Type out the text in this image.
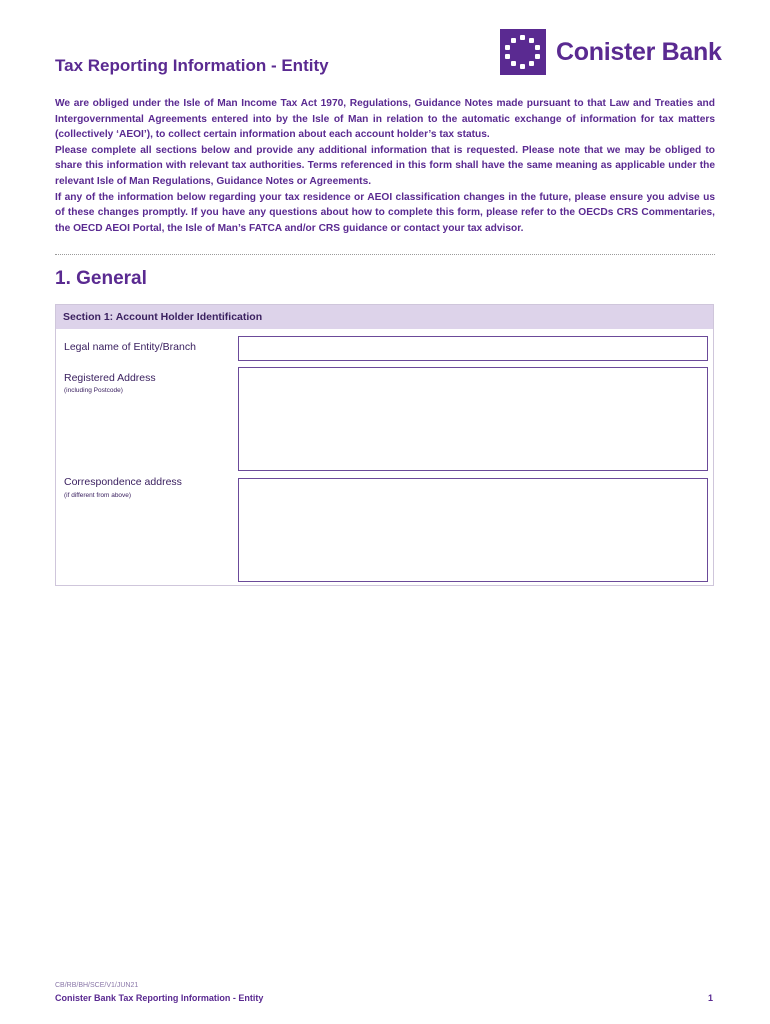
Conister Bank
Tax Reporting Information - Entity

We are obliged under the Isle of Man Income Tax Act 1970, Regulations, Guidance Notes made pursuant to that Law and Treaties and Intergovernmental Agreements entered into by the Isle of Man in relation to the automatic exchange of information for tax matters (collectively ‘AEOI’), to collect certain information about each account holder’s tax status.

Please complete all sections below and provide any additional information that is requested. Please note that we may be obliged to share this information with relevant tax authorities. Terms referenced in this form shall have the same meaning as applicable under the relevant Isle of Man Regulations, Guidance Notes or Agreements.

If any of the information below regarding your tax residence or AEOI classification changes in the future, please ensure you advise us of these changes promptly. If you have any questions about how to complete this form, please refer to the OECDs CRS Commentaries, the OECD AEOI Portal, the Isle of Man’s FATCA and/or CRS guidance or contact your tax advisor.

1. General
Section 1: Account Holder Identification
Legal name of Entity/Branch
Registered Address
(including Postcode)
Correspondence address
(if different from above)
CB/RB/BH/SCE/V1/JUN21
Conister Bank Tax Reporting Information - Entity	1
